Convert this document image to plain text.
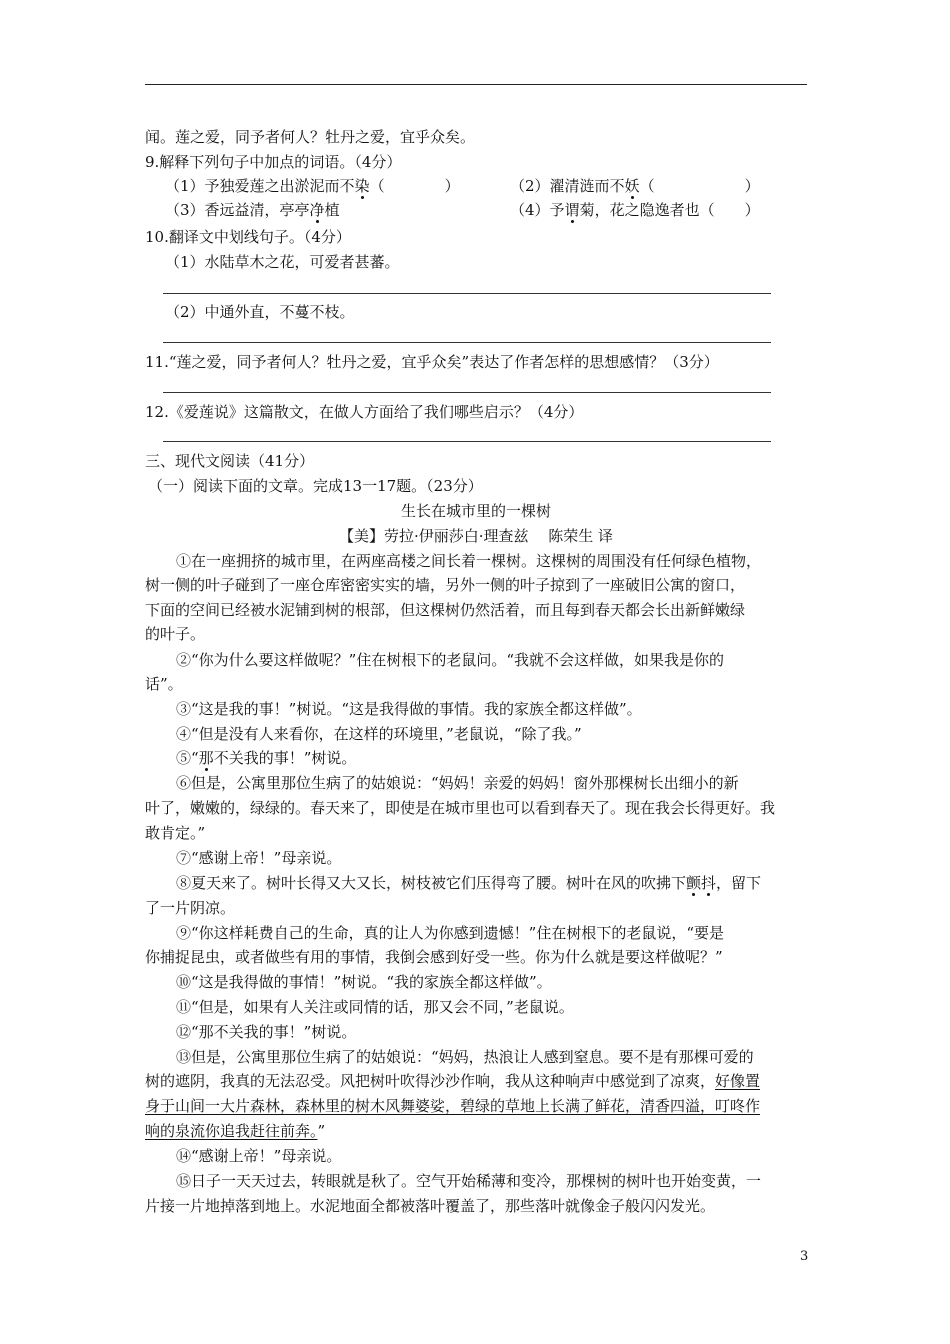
闻。莲之爱，同予者何人？牡丹之爱，宜乎众矣。
9.解释下列句子中加点的词语。（4分）
（1）予独爱莲之出淤泥而不染（　　　　）	（2）濯清涟而不妖（　　　　　　）
（3）香远益清，亭亭净植	（4）予谓菊，花之隐逸者也（　　）
10.翻译文中划线句子。（4分）
（1）水陆草木之花，可爱者甚蕃。
（2）中通外直，不蔓不枝。
11.“莲之爱，同予者何人？牡丹之爱，宜乎众矣”表达了作者怎样的思想感情？（3分）
12.《爱莲说》这篇散文，在做人方面给了我们哪些启示？（4分）
三、现代文阅读（41分）
（一）阅读下面的文章。完成13一17题。（23分）
生长在城市里的一棵树
【美】劳拉·伊丽莎白·理查兹　 陈荣生 译
①在一座拥挤的城市里，在两座高楼之间长着一棵树。这棵树的周围没有任何绿色植物，
树一侧的叶子碰到了一座仓库密密实实的墙，另外一侧的叶子掠到了一座破旧公寓的窗口，
下面的空间已经被水泥铺到树的根部，但这棵树仍然活着，而且每到春天都会长出新鲜嫩绿
的叶子。
②“你为什么要这样做呢？”住在树根下的老鼠问。“我就不会这样做，如果我是你的
话”。
③“这是我的事！”树说。“这是我得做的事情。我的家族全都这样做”。
④“但是没有人来看你，在这样的环境里，”老鼠说，“除了我。”
⑤“那不关我的事！”树说。
⑥但是，公寓里那位生病了的姑娘说：“妈妈！亲爱的妈妈！窗外那棵树长出细小的新
叶了，嫩嫩的，绿绿的。春天来了，即使是在城市里也可以看到春天了。现在我会长得更好。我
敢肯定。”
⑦“感谢上帝！”母亲说。
⑧夏天来了。树叶长得又大又长，树枝被它们压得弯了腰。树叶在风的吹拂下颤抖，留下
了一片阴凉。
⑨“你这样耗费自己的生命，真的让人为你感到遗憾！”住在树根下的老鼠说，“要是
你捕捉昆虫，或者做些有用的事情，我倒会感到好受一些。你为什么就是要这样做呢？”
⑩“这是我得做的事情！”树说。“我的家族全都这样做”。
⑪“但是，如果有人关注或同情的话，那又会不同，”老鼠说。
⑫“那不关我的事！”树说。
⑬但是，公寓里那位生病了的姑娘说：“妈妈，热浪让人感到窒息。要不是有那棵可爱的
树的遮阴，我真的无法忍受。风把树叶吹得沙沙作响，我从这种响声中感觉到了凉爽，好像置
身于山间一大片森林，森林里的树木风舞婆娑，碧绿的草地上长满了鲜花，清香四溢，叮咚作
响的泉流你追我赶往前奔。”
⑭“感谢上帝！”母亲说。
⑮日子一天天过去，转眼就是秋了。空气开始稀薄和变冷，那棵树的树叶也开始变黄，一
片接一片地掉落到地上。水泥地面全都被落叶覆盖了，那些落叶就像金子般闪闪发光。
3
